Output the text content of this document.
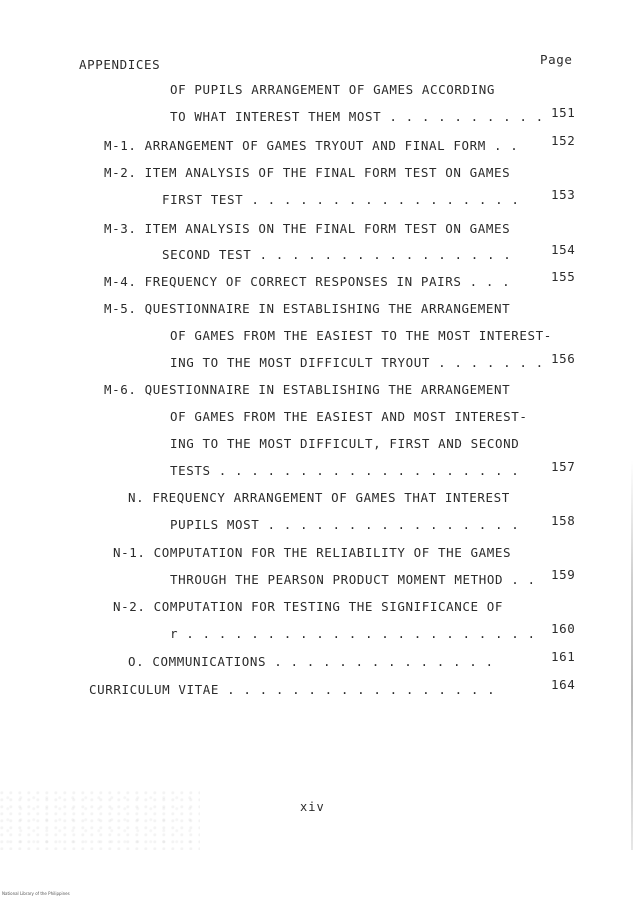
APPENDICES	Page
OF PUPILS ARRANGEMENT OF GAMES ACCORDING
TO WHAT INTEREST THEM MOST . . . . . . . . . . 151
M-1. ARRANGEMENT OF GAMES TRYOUT AND FINAL FORM . .	152
M-2. ITEM ANALYSIS OF THE FINAL FORM TEST ON GAMES
FIRST TEST . . . . . . . . . . . . . . . . .	153
M-3. ITEM ANALYSIS ON THE FINAL FORM TEST ON GAMES
SECOND TEST . . . . . . . . . . . . . . . .	154
M-4. FREQUENCY OF CORRECT RESPONSES IN PAIRS . . .	155
M-5. QUESTIONNAIRE IN ESTABLISHING THE ARRANGEMENT
OF GAMES FROM THE EASIEST TO THE MOST INTEREST-
ING TO THE MOST DIFFICULT TRYOUT . . . . . . . 156
M-6. QUESTIONNAIRE IN ESTABLISHING THE ARRANGEMENT
OF GAMES FROM THE EASIEST AND MOST INTEREST-
ING TO THE MOST DIFFICULT, FIRST AND SECOND
TESTS . . . . . . . . . . . . . . . . . . .	157
N. FREQUENCY ARRANGEMENT OF GAMES THAT INTEREST
PUPILS MOST . . . . . . . . . . . . . . . .	158
N-1. COMPUTATION FOR THE RELIABILITY OF THE GAMES
THROUGH THE PEARSON PRODUCT MOMENT METHOD . . 159
N-2. COMPUTATION FOR TESTING THE SIGNIFICANCE OF
r . . . . . . . . . . . . . . . . . . . . . . 160
O. COMMUNICATIONS . . . . . . . . . . . . . .	161
CURRICULUM VITAE . . . . . . . . . . . . . . . . .	164
xiv
National Library of the Philippines
